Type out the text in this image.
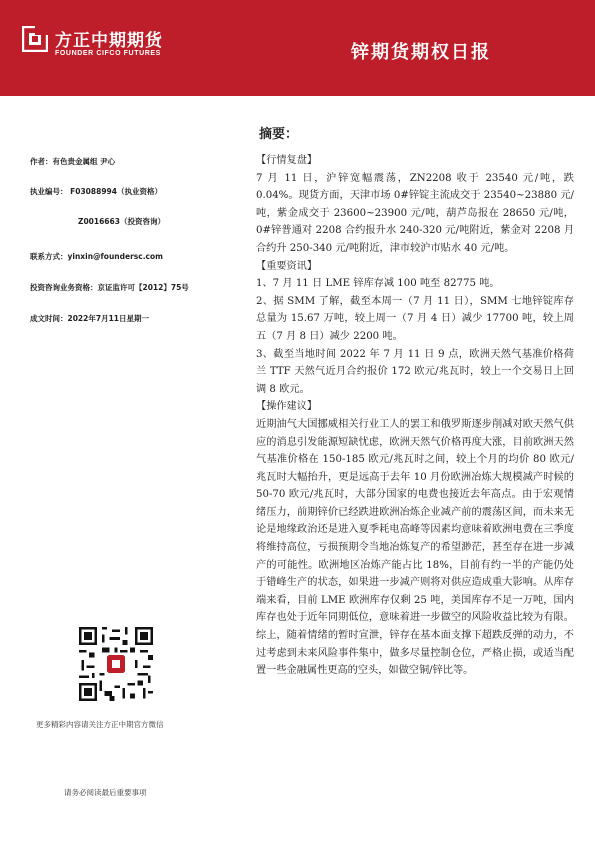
方正中期期货
FOUNDER CIFCO FUTURES	锌期货期权日报
作者：有色贵金属组 尹心
执业编号： F03088994（执业资格）
Z0016663（投资咨询）
联系方式：yinxin@foundersc.com
投资咨询业务资格：京证监许可【2012】75号
成文时间：2022年7月11日星期一
更多精彩内容请关注方正中期官方微信
请务必阅读最后重要事项
摘要：
【行情复盘】
7 月 11 日，沪锌宽幅震荡，ZN2208 收于 23540 元/吨，跌 0.04%。现货方面，天津市场 0#锌锭主流成交于 23540~23880 元/吨，紫金成交于 23600~23900 元/吨，葫芦岛报在 28650 元/吨，0#锌普通对 2208 合约报升水 240-320 元/吨附近，紫金对 2208 月合约升 250-340 元/吨附近，津市较沪市贴水 40 元/吨。
【重要资讯】
1、7 月 11 日 LME 锌库存减 100 吨至 82775 吨。
2、据 SMM 了解，截至本周一（7 月 11 日），SMM 七地锌锭库存总量为 15.67 万吨，较上周一（7 月 4 日）减少 17700 吨，较上周五（7 月 8 日）减少 2200 吨。
3、截至当地时间 2022 年 7 月 11 日 9 点，欧洲天然气基准价格荷兰 TTF 天然气近月合约报价 172 欧元/兆瓦时，较上一个交易日上回调 8 欧元。
【操作建议】
近期油气大国挪威相关行业工人的罢工和俄罗斯逐步削减对欧天然气供应的消息引发能源短缺忧虑，欧洲天然气价格再度大涨，目前欧洲天然气基准价格在 150-185 欧元/兆瓦时之间，较上个月的均价 80 欧元/兆瓦时大幅抬升，更是远高于去年 10 月份欧洲冶炼大规模减产时候的 50-70 欧元/兆瓦时，大部分国家的电费也接近去年高点。由于宏观情绪压力，前期锌价已经跌进欧洲冶炼企业减产前的震荡区间，而未来无论是地缘政治还是进入夏季耗电高峰等因素均意味着欧洲电费在三季度将维持高位，亏损预期令当地冶炼复产的希望渺茫，甚至存在进一步减产的可能性。欧洲地区冶炼产能占比 18%，目前有约一半的产能仍处于错峰生产的状态，如果进一步减产则将对供应造成重大影响。从库存端来看，目前 LME 欧洲库存仅剩 25 吨，美国库存不足一万吨，国内库存也处于近年同期低位，意味着进一步做空的风险收益比较为有限。综上，随着情绪的暂时宣泄，锌存在基本面支撑下超跌反弹的动力，不过考虑到未来风险事件集中，做多尽量控制仓位，严格止损，或适当配置一些金融属性更高的空头，如做空铜/锌比等。
